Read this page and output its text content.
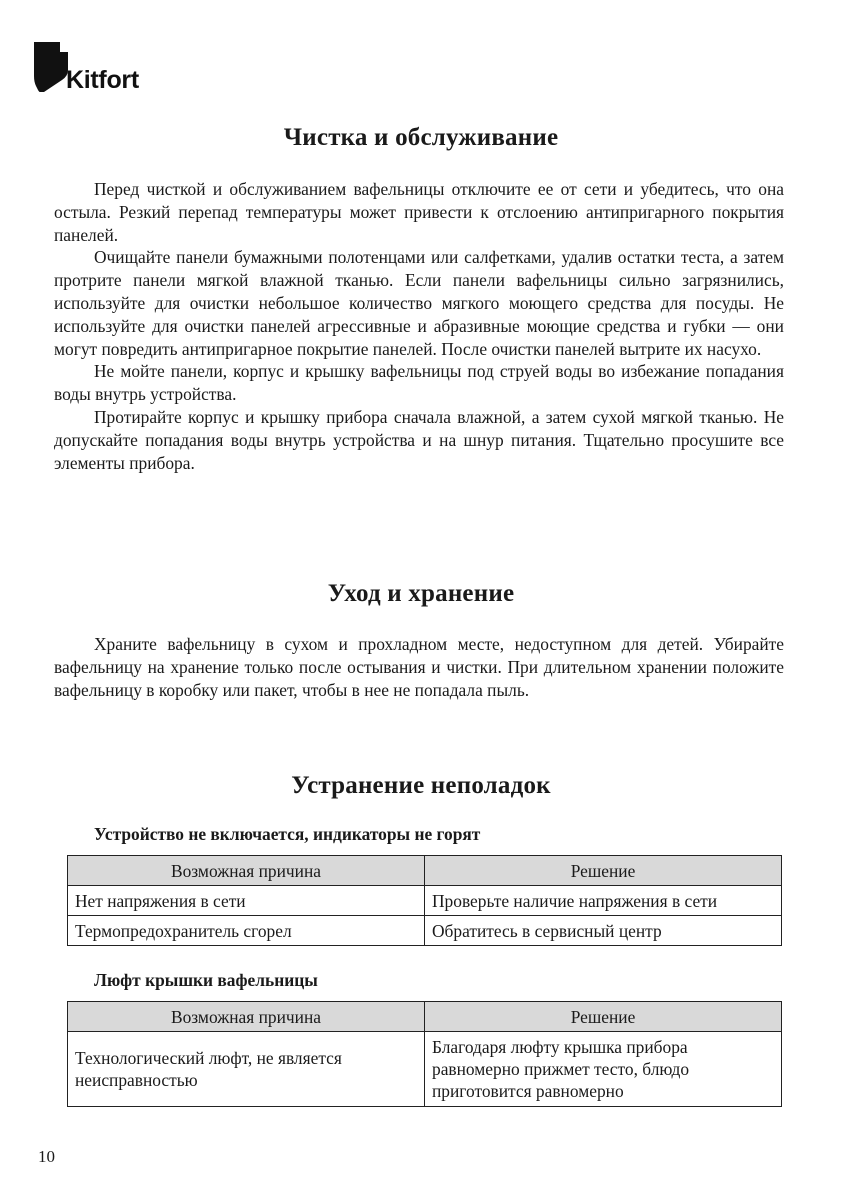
Kitfort
Чистка и обслуживание

Перед чисткой и обслуживанием вафельницы отключите ее от сети и убедитесь, что она остыла. Резкий перепад температуры может привести к отслоению антипригарного покрытия панелей.

Очищайте панели бумажными полотенцами или салфетками, удалив остатки теста, а затем протрите панели мягкой влажной тканью. Если панели вафельницы сильно загрязнились, используйте для очистки небольшое количество мягкого моющего средства для посуды. Не используйте для очистки панелей агрессивные и абразивные моющие средства и губки — они могут повредить антипригарное покрытие панелей. После очистки панелей вытрите их насухо.

Не мойте панели, корпус и крышку вафельницы под струей воды во избежание попадания воды внутрь устройства.

Протирайте корпус и крышку прибора сначала влажной, а затем сухой мягкой тканью. Не допускайте попадания воды внутрь устройства и на шнур питания. Тщательно просушите все элементы прибора.

Уход и хранение

Храните вафельницу в сухом и прохладном месте, недоступном для детей. Убирайте вафельницу на хранение только после остывания и чистки. При длительном хранении положите вафельницу в коробку или пакет, чтобы в нее не попадала пыль.

Устранение неполадок
Устройство не включается, индикаторы не горят
Возможная причина	Решение
Нет напряжения в сети	Проверьте наличие напряжения в сети
Термопредохранитель сгорел	Обратитесь в сервисный центр
Люфт крышки вафельницы
Возможная причина	Решение
Технологический люфт, не является неисправностью	Благодаря люфту крышка прибора равномерно прижмет тесто, блюдо приготовится равномерно
10
